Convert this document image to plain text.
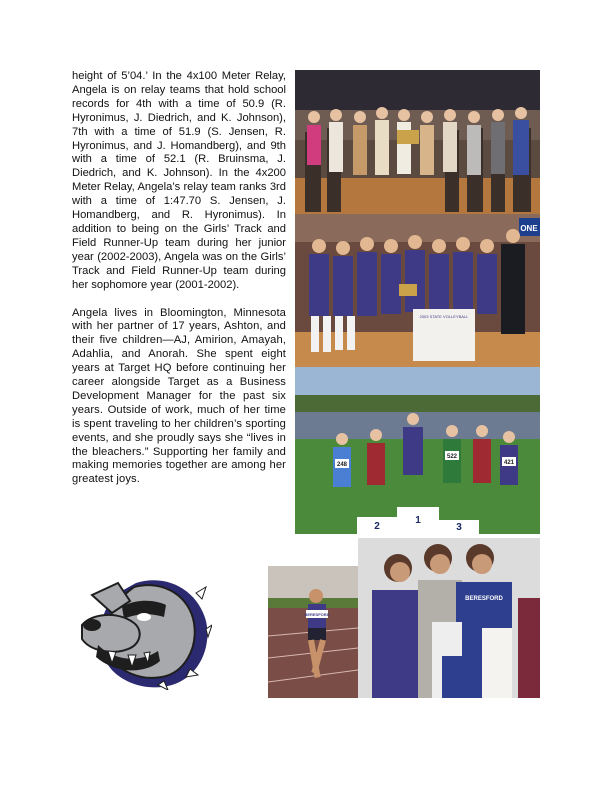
height of 5’04.’ In the 4x100 Meter Relay, Angela is on relay teams that hold school records for 4th with a time of 50.9 (R. Hyronimus, J. Diedrich, and K. Johnson), 7th with a time of 51.9 (S. Jensen, R. Hyronimus, and J. Homandberg), and 9th with a time of 52.1 (R. Bruinsma, J. Diedrich, and K. Johnson). In the 4x200 Meter Relay, Angela’s relay team ranks 3rd with a time of 1:47.70 S. Jensen, J. Homandberg, and R. Hyronimus). In addition to being on the Girls’ Track and Field Runner-Up team during her junior year (2002-2003), Angela was on the Girls’ Track and Field Runner-Up team during her sophomore year (2001-2002).

Angela lives in Bloomington, Minnesota with her partner of 17 years, Ashton, and their five children—AJ, Amirion, Amayah, Adahlia, and Anorah. She spent eight years at Target HQ before continuing her career alongside Target as a Business Development Manager for the past six years. Outside of work, much of her time is spent traveling to her children’s sporting events, and she proudly says she “lives in the bleachers.” Supporting her family and making memories together are among her greatest joys.

ONE
2003 STATE VOLLEYBALL
2
1
3
248
522
421
BERESFORD
BERESFORD
